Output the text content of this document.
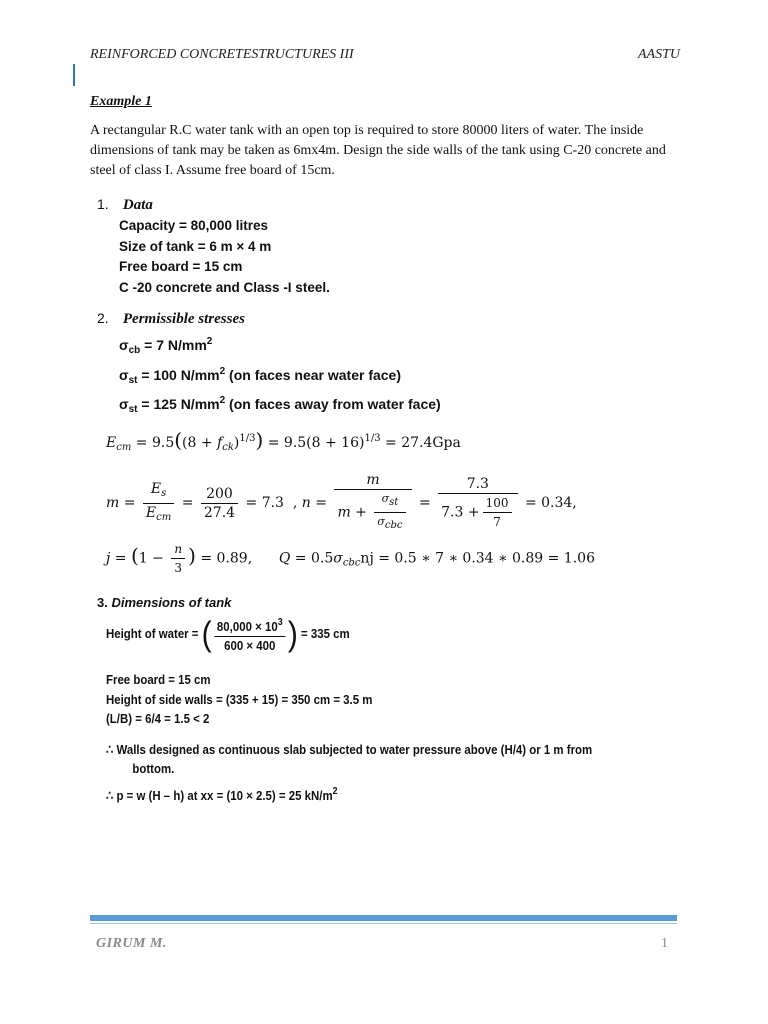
REINFORCED CONCRETESTRUCTURES III	AASTU
Example 1
A rectangular R.C water tank with an open top is required to store 80000 liters of water. The inside dimensions of tank may be taken as 6mx4m. Design the side walls of the tank using C-20 concrete and steel of class I. Assume free board of 15cm.
1. Data
Capacity = 80,000 litres
Size of tank = 6 m × 4 m
Free board = 15 cm
C -20 concrete and Class -I steel.
2. Permissible stresses
$\sigma_{cb} = 7$ $N/mm^2$
$\sigma_{st} = 100$ $N/mm^2$ (on faces near water face)
$\sigma_{st} = 125$ $N/mm^2$ (on faces away from water face)
$E_{cm} = 9.5((8 + f_{ck})^{1/3}) = 9.5(8 + 16)^{1/3} = 27.4Gpa$
$m = \frac{E_s}{E_{cm}} = \frac{200}{27.4} = 7.3$  , $n = \frac{m}{m + \frac{\text{σst}}{\text{σcbc}}} = \frac{7.3}{7.3 + \frac{100}{7}} = 0.34$,
$j = (1 - \frac{n}{3}$ ) = 0.89, $Q = 0.5\sigma_{cbc}nj = 0.5$ ∗ 7 ∗ 0.34 ∗ 0.89 = 1.06
3. Dimensions of tank
Height of water = ( $\frac{80,000 \times 10^3}{600 \times 400}$ ) = 335 cm
Free board = 15 cm
Height of side walls = (335 + 15) = 350 cm = 3.5 m
(L/B) = 6/4 = 1.5 < 2
∴ Walls designed as continuous slab subjected to water pressure above (H/4) or 1 m from
bottom.
∴ p = w (H – h) at xx = (10 × 2.5) = 25 $kN/m^2$
GIRUM M.	1
